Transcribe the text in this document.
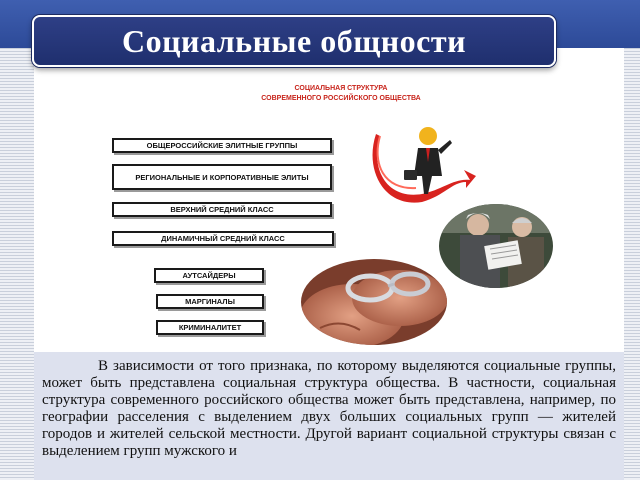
Социальные общности
СОЦИАЛЬНАЯ СТРУКТУРА
СОВРЕМЕННОГО РОССИЙСКОГО ОБЩЕСТВА
ОБЩЕРОССИЙСКИЕ ЭЛИТНЫЕ ГРУППЫ
РЕГИОНАЛЬНЫЕ И КОРПОРАТИВНЫЕ ЭЛИТЫ
ВЕРХНИЙ СРЕДНИЙ КЛАСС
ДИНАМИЧНЫЙ СРЕДНИЙ КЛАСС
АУТСАЙДЕРЫ
МАРГИНАЛЫ
КРИМИНАЛИТЕТ

В зависимости от того признака, по которому выделяются социальные группы, может быть представлена социальная структура общества. В частности, социальная структура современного российского общества может быть представлена, например, по географии расселения с выделением двух больших социальных групп — жителей городов и жителей сельской местности. Другой вариант социальной структуры связан с выделением групп мужского и
